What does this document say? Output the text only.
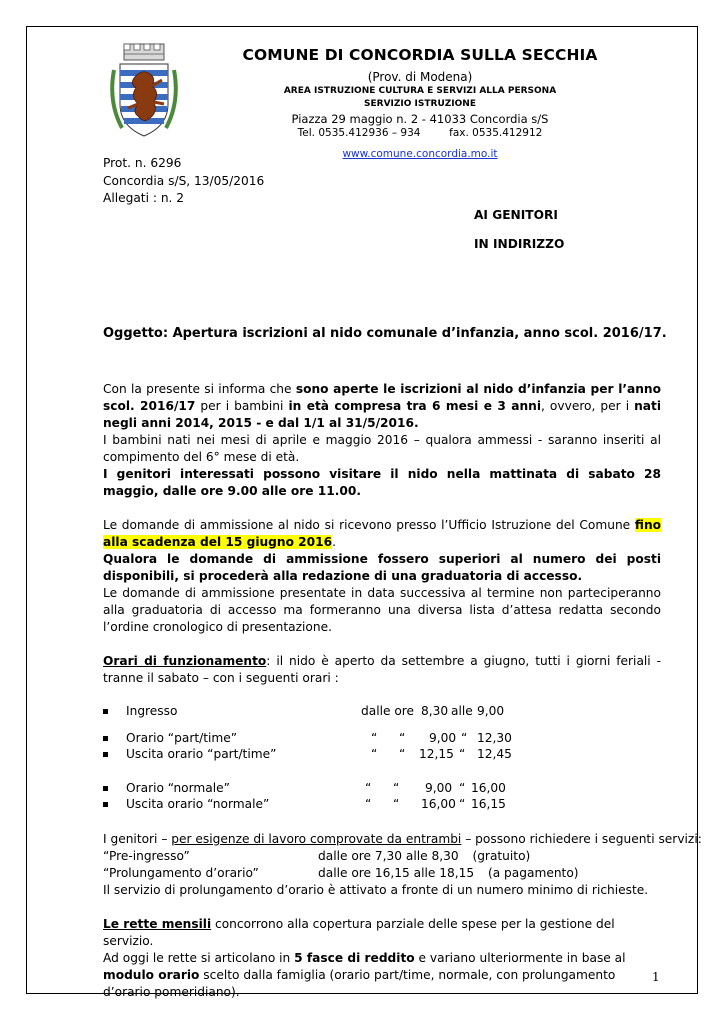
COMUNE DI CONCORDIA SULLA SECCHIA
(Prov. di Modena)
AREA ISTRUZIONE CULTURA E SERVIZI ALLA PERSONA
SERVIZIO ISTRUZIONE
Piazza 29 maggio n. 2 - 41033 Concordia s/S
Tel. 0535.412936 – 934	fax. 0535.412912
www.comune.concordia.mo.it
Prot. n. 6296
Concordia s/S, 13/05/2016
Allegati : n. 2
AI GENITORI
IN INDIRIZZO
Oggetto: Apertura iscrizioni al nido comunale d’infanzia, anno scol. 2016/17.

Con la presente si informa che sono aperte le iscrizioni al nido d’infanzia per l’anno scol. 2016/17 per i bambini in età compresa tra 6 mesi e 3 anni, ovvero, per i nati negli anni 2014, 2015 - e dal 1/1 al 31/5/2016.

I bambini nati nei mesi di aprile e maggio 2016 – qualora ammessi - saranno inseriti al compimento del 6° mese di età.

I genitori interessati possono visitare il nido nella mattinata di sabato 28 maggio, dalle ore 9.00 alle ore 11.00.

Le domande di ammissione al nido si ricevono presso l’Ufficio Istruzione del Comune fino alla scadenza del 15 giugno 2016.

Qualora le domande di ammissione fossero superiori al numero dei posti disponibili, si procederà alla redazione di una graduatoria di accesso.

Le domande di ammissione presentate in data successiva al termine non parteciperanno alla graduatoria di accesso ma formeranno una diversa lista d’attesa redatta secondo l’ordine cronologico di presentazione.

Orari di funzionamento: il nido è aperto da settembre a giugno, tutti i giorni feriali - tranne il sabato – con i seguenti orari :

Ingresso	dalle ore 8,30 alle 9,00
Orario “part/time”	“ “ 9,00 “ 12,30
Uscita orario “part/time”	“ “ 12,15 “ 12,45
Orario “normale”	“ “ 9,00 “ 16,00
Uscita orario “normale”	“ “ 16,00 “ 16,15
I genitori – per esigenze di lavoro comprovate da entrambi – possono richiedere i seguenti servizi:
“Pre-ingresso”	dalle ore 7,30 alle 8,30 (gratuito)
“Prolungamento d’orario”	dalle ore 16,15 alle 18,15 (a pagamento)
Il servizio di prolungamento d’orario è attivato a fronte di un numero minimo di richieste.

Le rette mensili concorrono alla copertura parziale delle spese per la gestione del servizio.

Ad oggi le rette si articolano in 5 fasce di reddito e variano ulteriormente in base al modulo orario scelto dalla famiglia (orario part/time, normale, con prolungamento d’orario pomeridiano).

1
